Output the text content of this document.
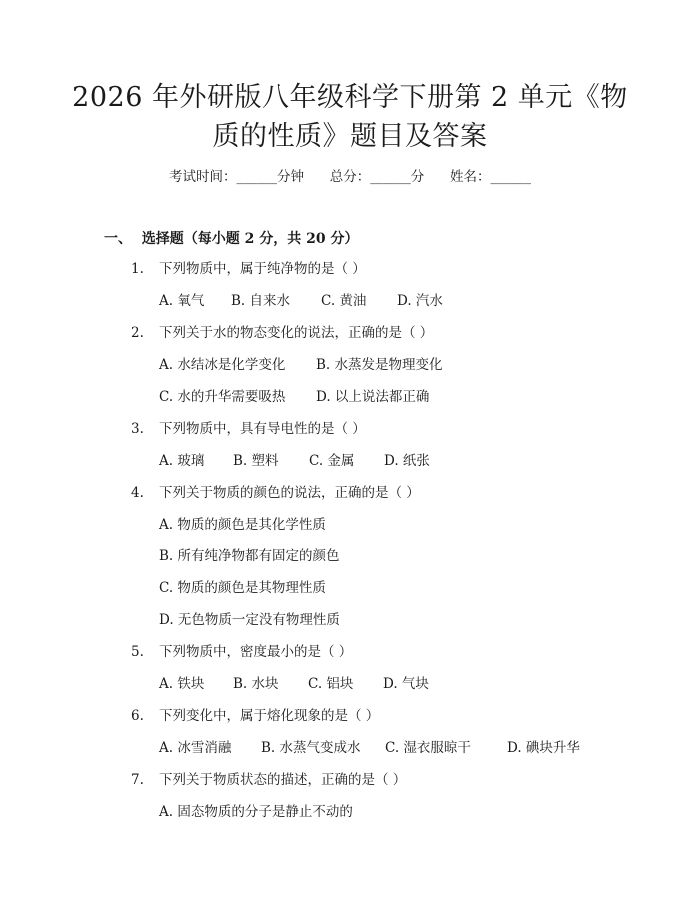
2026 年外研版八年级科学下册第 2 单元《物
质的性质》题目及答案
考试时间：______分钟      总分：______分      姓名：______
一、  选择题（每小题 2 分，共 20 分）
1. 下列物质中，属于纯净物的是（ ）
A. 氧气 B. 自来水 C. 黄油 D. 汽水
2. 下列关于水的物态变化的说法，正确的是（ ）
A. 水结冰是化学变化 B. 水蒸发是物理变化
C. 水的升华需要吸热 D. 以上说法都正确
3. 下列物质中，具有导电性的是（ ）
A. 玻璃 B. 塑料 C. 金属 D. 纸张
4. 下列关于物质的颜色的说法，正确的是（ ）
A. 物质的颜色是其化学性质
B. 所有纯净物都有固定的颜色
C. 物质的颜色是其物理性质
D. 无色物质一定没有物理性质
5. 下列物质中，密度最小的是（ ）
A. 铁块 B. 水块 C. 铝块 D. 气块
6. 下列变化中，属于熔化现象的是（ ）
A. 冰雪消融 B. 水蒸气变成水 C. 湿衣服晾干	D. 碘块升华
7. 下列关于物质状态的描述，正确的是（ ）
A. 固态物质的分子是静止不动的
